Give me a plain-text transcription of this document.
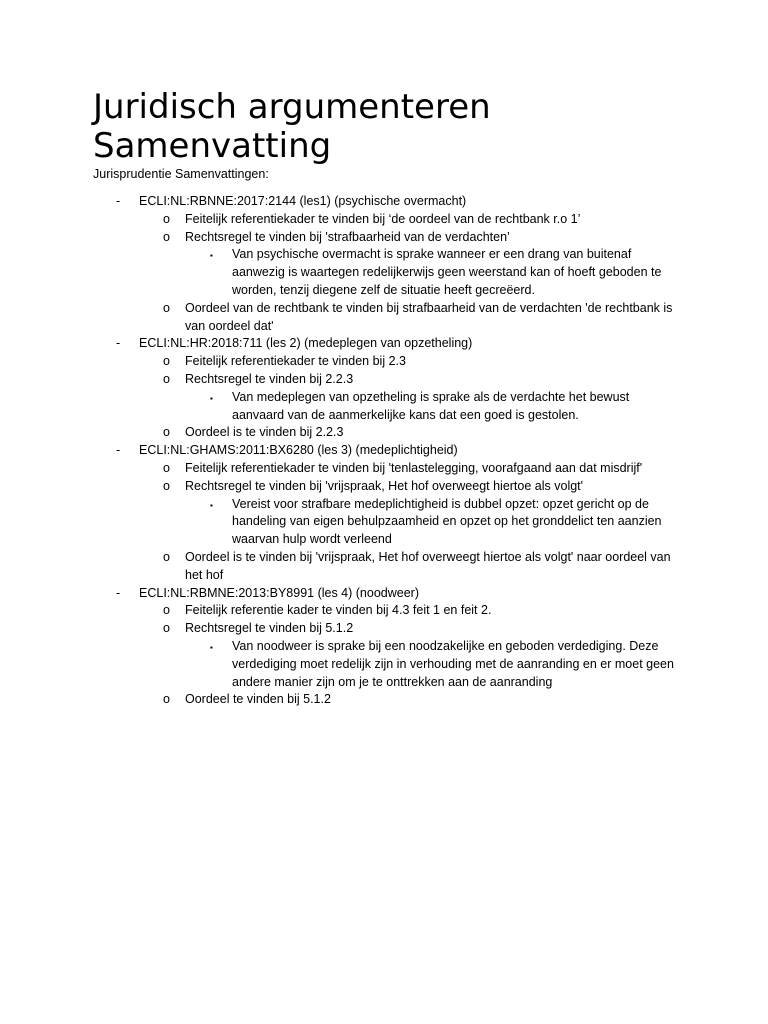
Juridisch argumenteren
Samenvatting
Jurisprudentie Samenvattingen:
- ECLI:NL:RBNNE:2017:2144 (les1) (psychische overmacht)
o Feitelijk referentiekader te vinden bij ‘de oordeel van de rechtbank r.o 1’
o Rechtsregel te vinden bij 'strafbaarheid van de verdachten’
▪ Van psychische overmacht is sprake wanneer er een drang van buitenaf aanwezig is waartegen redelijkerwijs geen weerstand kan of hoeft geboden te worden, tenzij diegene zelf de situatie heeft gecreëerd.
o Oordeel van de rechtbank te vinden bij strafbaarheid van de verdachten 'de rechtbank is van oordeel dat'
- ECLI:NL:HR:2018:711 (les 2) (medeplegen van opzetheling)
o Feitelijk referentiekader te vinden bij 2.3
o Rechtsregel te vinden bij 2.2.3
▪ Van medeplegen van opzetheling is sprake als de verdachte het bewust aanvaard van de aanmerkelijke kans dat een goed is gestolen.
o Oordeel is te vinden bij 2.2.3
- ECLI:NL:GHAMS:2011:BX6280 (les 3) (medeplichtigheid)
o Feitelijk referentiekader te vinden bij 'tenlastelegging, voorafgaand aan dat misdrijf'
o Rechtsregel te vinden bij 'vrijspraak, Het hof overweegt hiertoe als volgt'
▪ Vereist voor strafbare medeplichtigheid is dubbel opzet: opzet gericht op de handeling van eigen behulpzaamheid en opzet op het gronddelict ten aanzien waarvan hulp wordt verleend
o Oordeel is te vinden bij 'vrijspraak, Het hof overweegt hiertoe als volgt' naar oordeel van het hof
- ECLI:NL:RBMNE:2013:BY8991 (les 4) (noodweer)
o Feitelijk referentie kader te vinden bij 4.3 feit 1 en feit 2.
o Rechtsregel te vinden bij 5.1.2
▪ Van noodweer is sprake bij een noodzakelijke en geboden verdediging. Deze verdediging moet redelijk zijn in verhouding met de aanranding en er moet geen andere manier zijn om je te onttrekken aan de aanranding
o Oordeel te vinden bij 5.1.2
